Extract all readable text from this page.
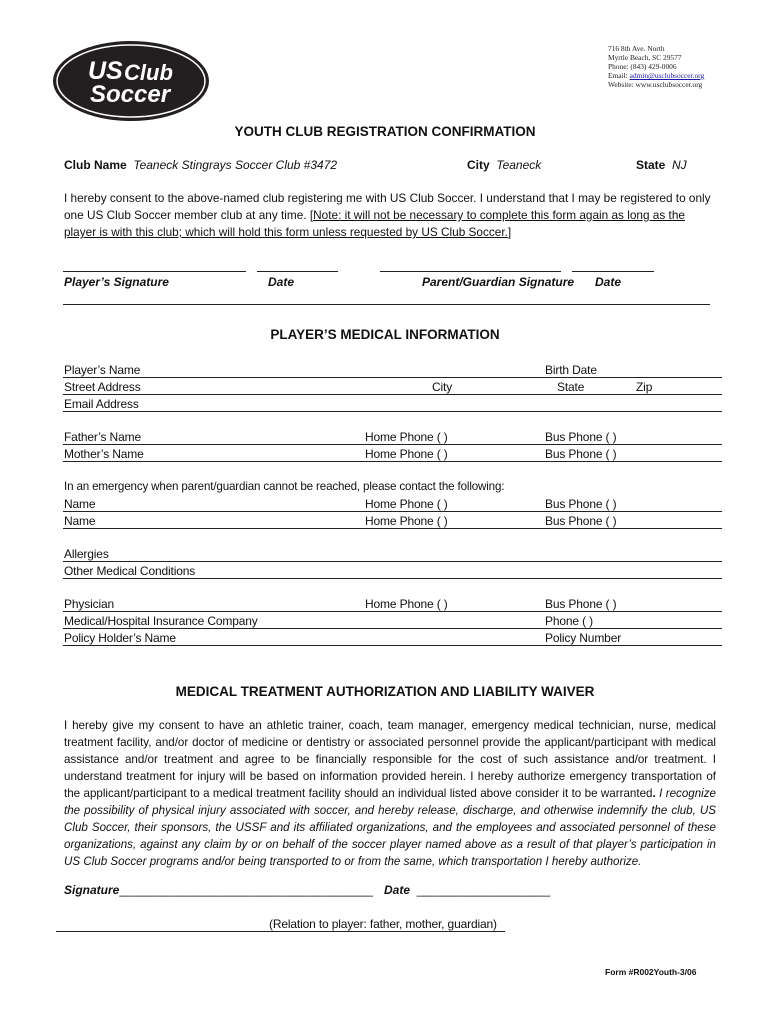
US Club
Soccer
716 8th Ave. North
Myrtle Beach, SC 29577
Phone: (843) 429-0006
Email: admin@usclubsoccer.org
Website: www.usclubsoccer.org
YOUTH CLUB REGISTRATION CONFIRMATION
Club Name Teaneck Stingrays Soccer Club #3472	City Teaneck	State NJ
I hereby consent to the above-named club registering me with US Club Soccer. I understand that I may be registered to only one US Club Soccer member club at any time. [Note: it will not be necessary to complete this form again as long as the player is with this club; which will hold this form unless requested by US Club Soccer.]
Player’s Signature	Date	Parent/Guardian Signature Date
PLAYER’S MEDICAL INFORMATION
Player’s Name	Birth Date
Street Address	City	State	Zip
Email Address
Father’s Name	Home Phone ( )	Bus Phone ( )
Mother’s Name	Home Phone ( )	Bus Phone ( )
In an emergency when parent/guardian cannot be reached, please contact the following:
Name	Home Phone ( )	Bus Phone ( )
Name	Home Phone ( )	Bus Phone ( )
Allergies
Other Medical Conditions
Physician	Home Phone ( )	Bus Phone ( )
Medical/Hospital Insurance Company	Phone ( )
Policy Holder’s Name	Policy Number
MEDICAL TREATMENT AUTHORIZATION AND LIABILITY WAIVER
I hereby give my consent to have an athletic trainer, coach, team manager, emergency medical technician, nurse, medical treatment facility, and/or doctor of medicine or dentistry or associated personnel provide the applicant/participant with medical assistance and/or treatment and agree to be financially responsible for the cost of such assistance and/or treatment. I understand treatment for injury will be based on information provided herein. I hereby authorize emergency transportation of the applicant/participant to a medical treatment facility should an individual listed above consider it to be warranted. I recognize the possibility of physical injury associated with soccer, and hereby release, discharge, and otherwise indemnify the club, US Club Soccer, their sponsors, the USSF and its affiliated organizations, and the employees and associated personnel of these organizations, against any claim by or on behalf of the soccer player named above as a result of that player’s participation in US Club Soccer programs and/or being transported to or from the same, which transportation I hereby authorize.
Signature______________________________________ Date ____________________
(Relation to player: father, mother, guardian)
Form #R002Youth-3/06
